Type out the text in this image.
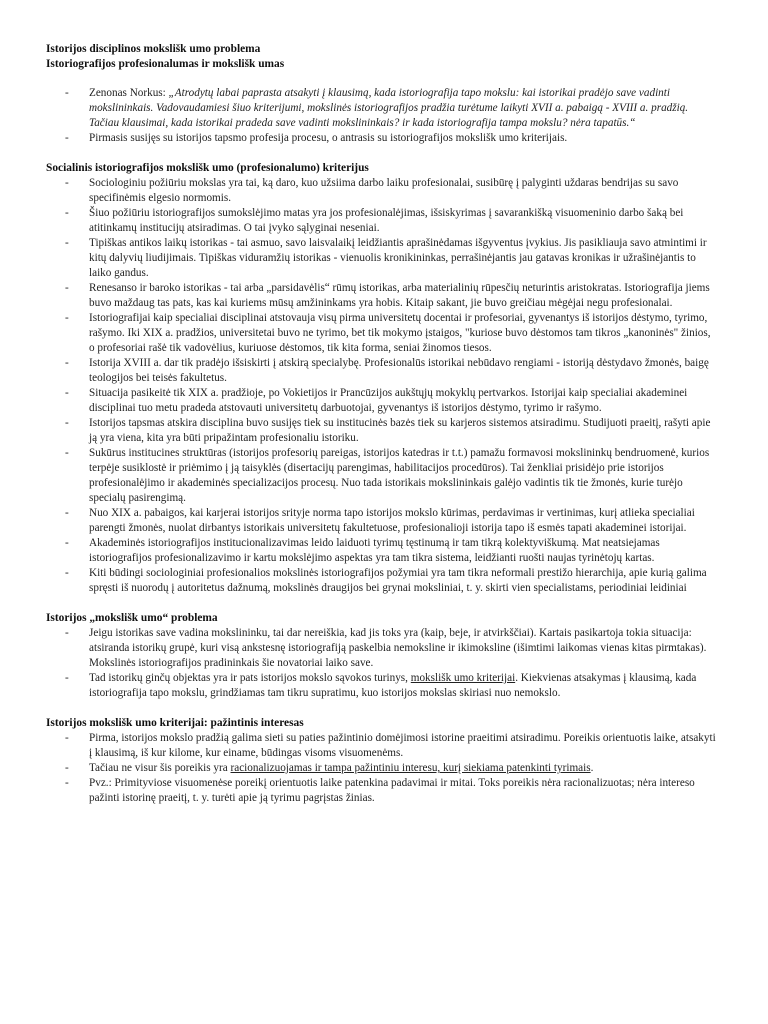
Istorijos disciplinos mokslišk umo problema
Istoriografijos profesionalumas ir mokslišk umas
- Zenonas Norkus: „Atrodytų labai paprasta atsakyti į klausimą, kada istoriografija tapo mokslu: kai istorikai pradėjo save vadinti mokslininkais. Vadovaudamiesi šiuo kriterijumi, mokslinės istoriografijos pradžia turėtume laikyti XVII a. pabaigą - XVIII a. pradžią. Tačiau klausimai, kada istorikai pradeda save vadinti mokslininkais? ir kada istoriografija tampa mokslu? nėra tapatūs.“
- Pirmasis susijęs su istorijos tapsmo profesija procesu, o antrasis su istoriografijos mokslišk umo kriterijais.
Socialinis istoriografijos mokslišk umo (profesionalumo) kriterijus
- Sociologiniu požiūriu mokslas yra tai, ką daro, kuo užsiima darbo laiku profesionalai, susibūrę į palyginti uždaras bendrijas su savo specifinėmis elgesio normomis.
- Šiuo požiūriu istoriografijos sumokslėjimo matas yra jos profesionalėjimas, išsiskyrimas į savarankišką visuomeninio darbo šaką bei atitinkamų institucijų atsiradimas. O tai įvyko sąlyginai neseniai.
- Tipiškas antikos laikų istorikas - tai asmuo, savo laisvalaikį leidžiantis aprašinėdamas išgyventus įvykius. Jis pasikliauja savo atmintimi ir kitų dalyvių liudijimais. Tipiškas viduramžių istorikas - vienuolis kronikininkas, perrašinėjantis jau gatavas kronikas ir užrašinėjantis to laiko gandus.
- Renesanso ir baroko istorikas - tai arba „parsidavėlis“ rūmų istorikas, arba materialinių rūpesčių neturintis aristokratas. Istoriografija jiems buvo maždaug tas pats, kas kai kuriems mūsų amžininkams yra hobis. Kitaip sakant, jie buvo greičiau mėgėjai negu profesionalai.
- Istoriografijai kaip specialiai disciplinai atstovauja visų pirma universitetų docentai ir profesoriai, gyvenantys iš istorijos dėstymo, tyrimo, rašymo. Iki XIX a. pradžios, universitetai buvo ne tyrimo, bet tik mokymo įstaigos, "kuriose buvo dėstomos tam tikros „kanoninės" žinios, o profesoriai rašė tik vadovėlius, kuriuose dėstomos, tik kita forma, seniai žinomos tiesos.
- Istorija XVIII a. dar tik pradėjo išsiskirti į atskirą specialybę. Profesionalūs istorikai nebūdavo rengiami - istoriją dėstydavo žmonės, baigę teologijos bei teisės fakultetus.
- Situacija pasikeitė tik XIX a. pradžioje, po Vokietijos ir Prancūzijos aukštųjų mokyklų pertvarkos. Istorijai kaip specialiai akademinei disciplinai tuo metu pradeda atstovauti universitetų darbuotojai, gyvenantys iš istorijos dėstymo, tyrimo ir rašymo.
- Istorijos tapsmas atskira disciplina buvo susijęs tiek su institucinės bazės tiek su karjeros sistemos atsiradimu. Studijuoti praeitį, rašyti apie ją yra viena, kita yra būti pripažintam profesionaliu istoriku.
- Sukūrus institucines struktūras (istorijos profesorių pareigas, istorijos katedras ir t.t.) pamažu formavosi mokslininkų bendruomenė, kurios terpėje susiklostė ir priėmimo į ją taisyklės (disertacijų parengimas, habilitacijos procedūros). Tai ženkliai prisidėjo prie istorijos profesionalėjimo ir akademinės specializacijos procesų. Nuo tada istorikais mokslininkais galėjo vadintis tik tie žmonės, kurie turėjo specialų pasirengimą.
- Nuo XIX a. pabaigos, kai karjerai istorijos srityje norma tapo istorijos mokslo kūrimas, perdavimas ir vertinimas, kurį atlieka specialiai parengti žmonės, nuolat dirbantys istorikais universitetų fakultetuose, profesionalioji istorija tapo iš esmės tapati akademinei istorijai.
- Akademinės istoriografijos institucionalizavimas leido laiduoti tyrimų tęstinumą ir tam tikrą kolektyviškumą. Mat neatsiejamas istoriografijos profesionalizavimo ir kartu mokslėjimo aspektas yra tam tikra sistema, leidžianti ruošti naujas tyrinėtojų kartas.
- Kiti būdingi sociologiniai profesionalios mokslinės istoriografijos požymiai yra tam tikra neformali prestižo hierarchija, apie kurią galima spręsti iš nuorodų į autoritetus dažnumą, mokslinės draugijos bei grynai moksliniai, t. y. skirti vien specialistams, periodiniai leidiniai
Istorijos „mokslišk umo“ problema
- Jeigu istorikas save vadina mokslininku, tai dar nereiškia, kad jis toks yra (kaip, beje, ir atvirkščiai). Kartais pasikartoja tokia situacija: atsiranda istorikų grupė, kuri visą ankstesnę istoriografiją paskelbia nemoksline ir ikimoksline (išimtimi laikomas vienas kitas pirmtakas). Mokslinės istoriografijos pradininkais šie novatoriai laiko save.
- Tad istorikų ginčų objektas yra ir pats istorijos mokslo sąvokos turinys, mokslišk umo kriterijai. Kiekvienas atsakymas į klausimą, kada istoriografija tapo mokslu, grindžiamas tam tikru supratimu, kuo istorijos mokslas skiriasi nuo nemokslo.
Istorijos mokslišk umo kriterijai: pažintinis interesas
- Pirma, istorijos mokslo pradžią galima sieti su paties pažintinio domėjimosi istorine praeitimi atsiradimu. Poreikis orientuotis laike, atsakyti į klausimą, iš kur kilome, kur einame, būdingas visoms visuomenėms.
- Tačiau ne visur šis poreikis yra racionalizuojamas ir tampa pažintiniu interesu, kurį siekiama patenkinti tyrimais.
- Pvz.: Primityviose visuomenėse poreikį orientuotis laike patenkina padavimai ir mitai. Toks poreikis nėra racionalizuotas; nėra intereso pažinti istorinę praeitį, t. y. turėti apie ją tyrimu pagrįstas žinias.
